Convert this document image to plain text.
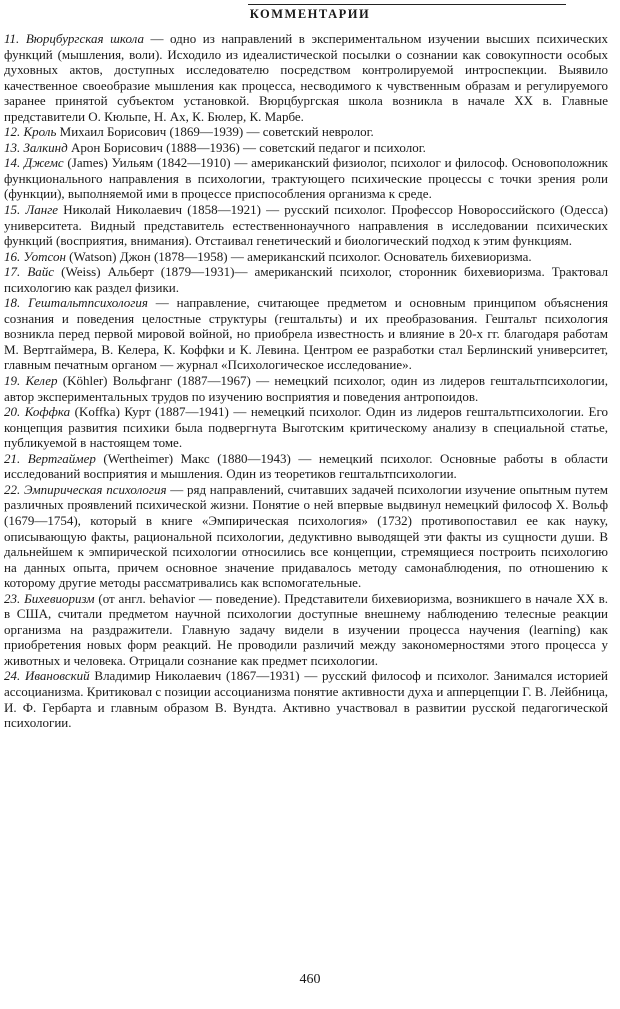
КОММЕНТАРИИ

11. Вюрцбургская школа — одно из направлений в экспериментальном изучении высших психических функций (мышления, воли). Исходило из идеалистической посылки о сознании как совокупности особых духовных актов, доступных исследователю посредством контролируемой интроспекции. Выявило качественное своеобразие мышления как процесса, несводимого к чувственным образам и регулируемого заранее принятой субъектом установкой. Вюрцбургская школа возникла в начале XX в. Главные представители О. Кюльпе, Н. Ах, К. Бюлер, К. Марбе.

12. Кроль Михаил Борисович (1869—1939) — советский невролог.

13. Залкинд Арон Борисович (1888—1936) — советский педагог и психолог.

14. Джемс (James) Уильям (1842—1910) — американский физиолог, психолог и философ. Основоположник функционального направления в психологии, трактующего психические процессы с точки зрения роли (функции), выполняемой ими в процессе приспособления организма к среде.

15. Ланге Николай Николаевич (1858—1921) — русский психолог. Профессор Новороссийского (Одесса) университета. Видный представитель естественнонаучного направления в исследовании психических функций (восприятия, внимания). Отстаивал генетический и биологический подход к этим функциям.

16. Уотсон (Watson) Джон (1878—1958) — американский психолог. Основатель бихевиоризма.

17. Вайс (Weiss) Альберт (1879—1931)— американский психолог, сторонник бихевиоризма. Трактовал психологию как раздел физики.

18. Гештальтпсихология — направление, считающее предметом и основным принципом объяснения сознания и поведения целостные структуры (гештальты) и их преобразования. Гештальт психология возникла перед первой мировой войной, но приобрела известность и влияние в 20-х гг. благодаря работам М. Вертгаймера, В. Келера, К. Коффки и К. Левина. Центром ее разработки стал Берлинский университет, главным печатным органом — журнал «Психологическое исследование».

19. Келер (Köhler) Вольфганг (1887—1967) — немецкий психолог, один из лидеров гештальтпсихологии, автор экспериментальных трудов по изучению восприятия и поведения антропоидов.

20. Коффка (Koffka) Курт (1887—1941) — немецкий психолог. Один из лидеров гештальтпсихологии. Его концепция развития психики была подвергнута Выготским критическому анализу в специальной статье, публикуемой в настоящем томе.

21. Вертгаймер (Wertheimer) Макс (1880—1943) — немецкий психолог. Основные работы в области исследований восприятия и мышления. Один из теоретиков гештальтпсихологии.

22. Эмпирическая психология — ряд направлений, считавших задачей психологии изучение опытным путем различных проявлений психической жизни. Понятие о ней впервые выдвинул немецкий философ Х. Вольф (1679—1754), который в книге «Эмпирическая психология» (1732) противопоставил ее как науку, описывающую факты, рациональной психологии, дедуктивно выводящей эти факты из сущности души. В дальнейшем к эмпирической психологии относились все концепции, стремящиеся построить психологию на данных опыта, причем основное значение придавалось методу самонаблюдения, по отношению к которому другие методы рассматривались как вспомогательные.

23. Бихевиоризм (от англ. behavior — поведение). Представители бихевиоризма, возникшего в начале XX в. в США, считали предметом научной психологии доступные внешнему наблюдению телесные реакции организма на раздражители. Главную задачу видели в изучении процесса научения (learning) как приобретения новых форм реакций. Не проводили различий между закономерностями этого процесса у животных и человека. Отрицали сознание как предмет психологии.

24. Ивановский Владимир Николаевич (1867—1931) — русский философ и психолог. Занимался историей ассоцианизма. Критиковал с позиции ассоцианизма понятие активности духа и апперцепции Г. В. Лейбница, И. Ф. Гербарта и главным образом В. Вундта. Активно участвовал в развитии русской педагогической психологии.

460
